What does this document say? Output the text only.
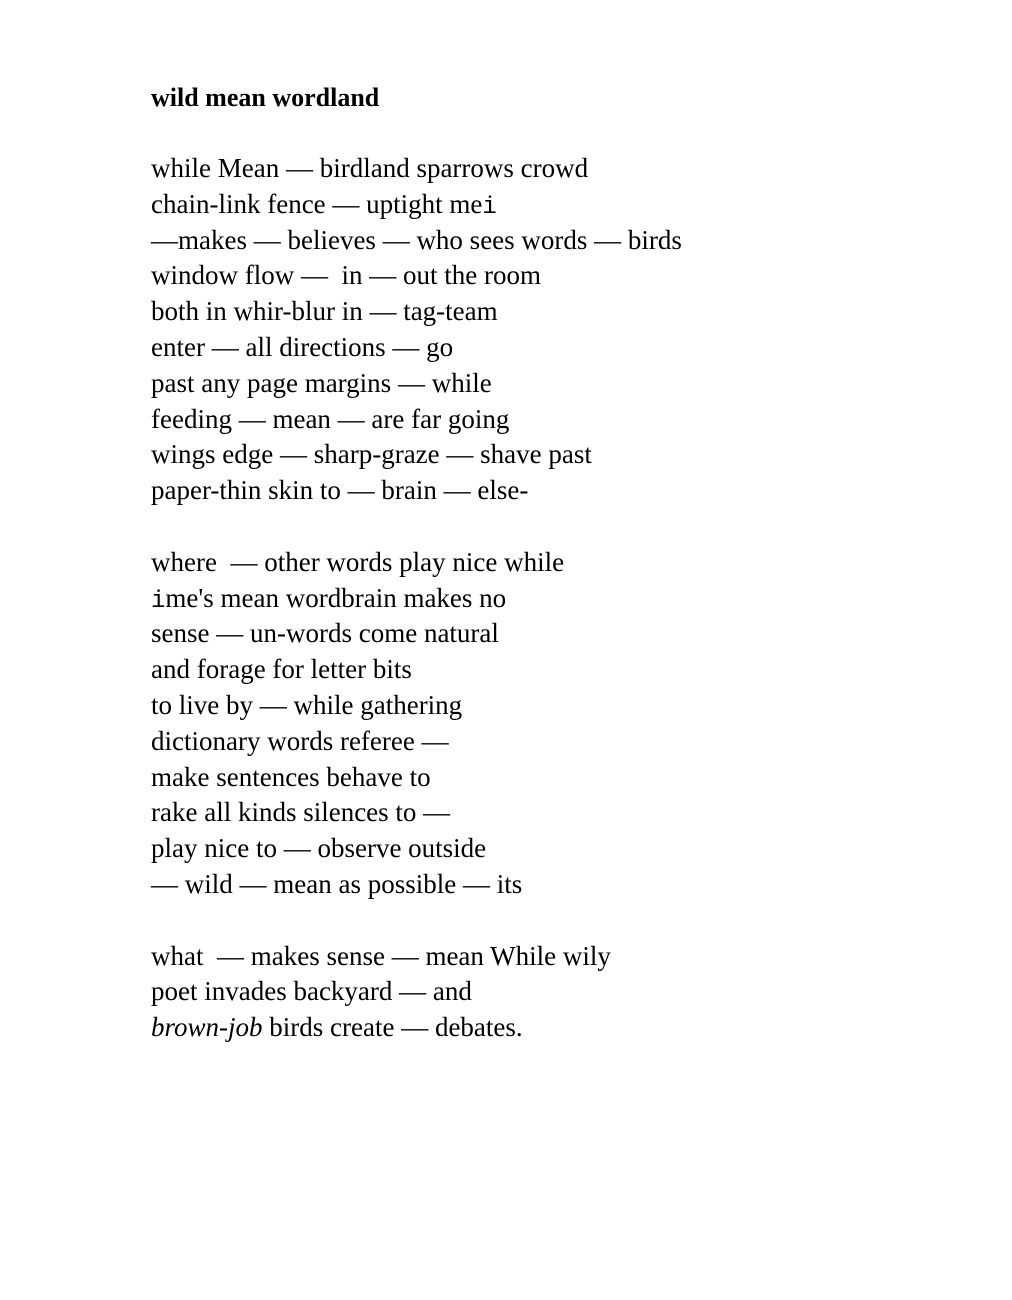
wild mean wordland
while Mean — birdland sparrows crowd
chain-link fence — uptight mei
—makes — believes — who sees words — birds
window flow —  in — out the room
both in whir-blur in — tag-team
enter — all directions — go
past any page margins — while
feeding — mean — are far going
wings edge — sharp-graze — shave past
paper-thin skin to — brain — else-
where  — other words play nice while
ime's mean wordbrain makes no
sense — un-words come natural
and forage for letter bits
to live by — while gathering
dictionary words referee —
make sentences behave to
rake all kinds silences to —
play nice to — observe outside
— wild — mean as possible — its
what  — makes sense — mean While wily
poet invades backyard — and
brown-job birds create — debates.
